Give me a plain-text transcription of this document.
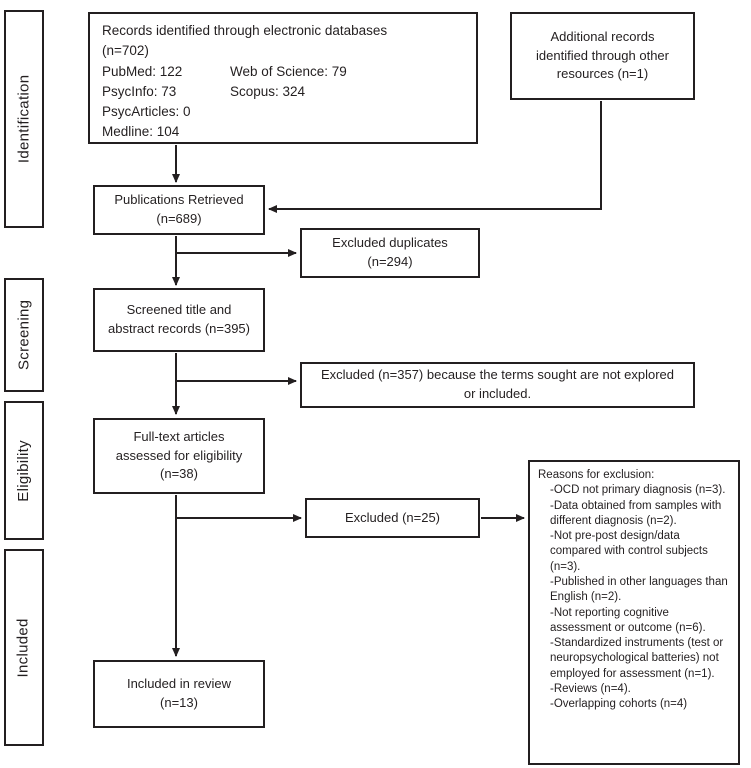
Identification
Screening
Eligibility
Included
Records identified through electronic databases
(n=702)
PubMed: 122
PsycInfo: 73
PsycArticles: 0
Medline: 104
Web of Science: 79
Scopus: 324
Additional records
identified through other
resources (n=1)
Publications Retrieved
(n=689)
Excluded duplicates
(n=294)
Screened title and
abstract records (n=395)
Excluded (n=357) because the terms sought are not explored
or included.
Full-text articles
assessed for eligibility
(n=38)
Excluded (n=25)
Reasons for exclusion:
-OCD not primary diagnosis (n=3).
-Data obtained from samples with different diagnosis (n=2).
-Not pre-post design/data compared with control subjects (n=3).
-Published in other languages than English (n=2).
-Not reporting cognitive assessment or outcome (n=6).
-Standardized instruments (test or neuropsychological batteries) not employed for assessment (n=1).
-Reviews (n=4).
-Overlapping cohorts (n=4)
Included in review
(n=13)
